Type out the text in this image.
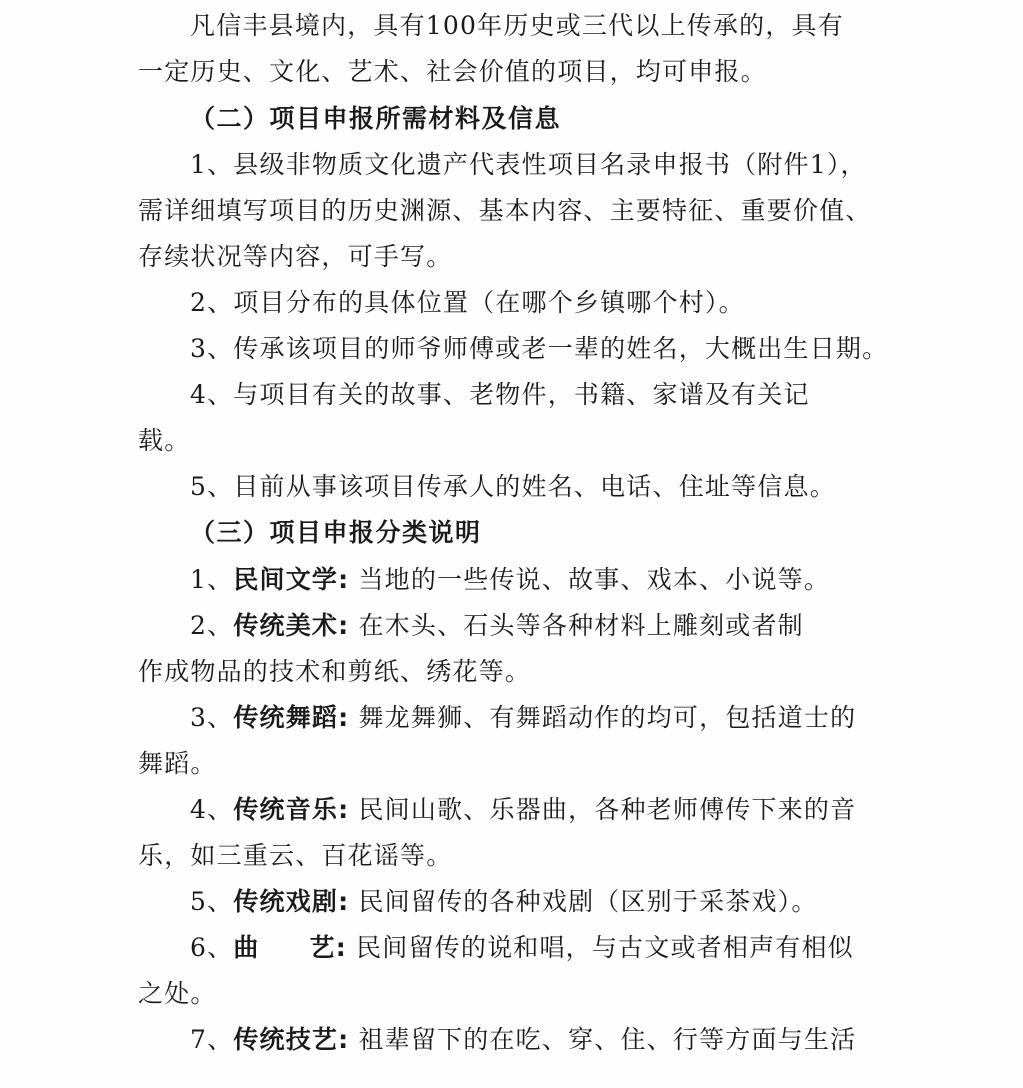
凡信丰县境内，具有100年历史或三代以上传承的，具有

一定历史、文化、艺术、社会价值的项目，均可申报。

（二）项目申报所需材料及信息

1、县级非物质文化遗产代表性项目名录申报书（附件1），

需详细填写项目的历史渊源、基本内容、主要特征、重要价值、

存续状况等内容，可手写。

2、项目分布的具体位置（在哪个乡镇哪个村）。

3、传承该项目的师爷师傅或老一辈的姓名，大概出生日期。

4、与项目有关的故事、老物件，书籍、家谱及有关记

载。

5、目前从事该项目传承人的姓名、电话、住址等信息。

（三）项目申报分类说明

1、民间文学: 当地的一些传说、故事、戏本、小说等。

2、传统美术: 在木头、石头等各种材料上雕刻或者制

作成物品的技术和剪纸、绣花等。

3、传统舞蹈: 舞龙舞狮、有舞蹈动作的均可，包括道士的

舞蹈。

4、传统音乐: 民间山歌、乐器曲，各种老师傅传下来的音

乐，如三重云、百花谣等。

5、传统戏剧: 民间留传的各种戏剧（区别于采茶戏）。

6、曲 艺: 民间留传的说和唱，与古文或者相声有相似

之处。

7、传统技艺: 祖辈留下的在吃、穿、住、行等方面与生活
